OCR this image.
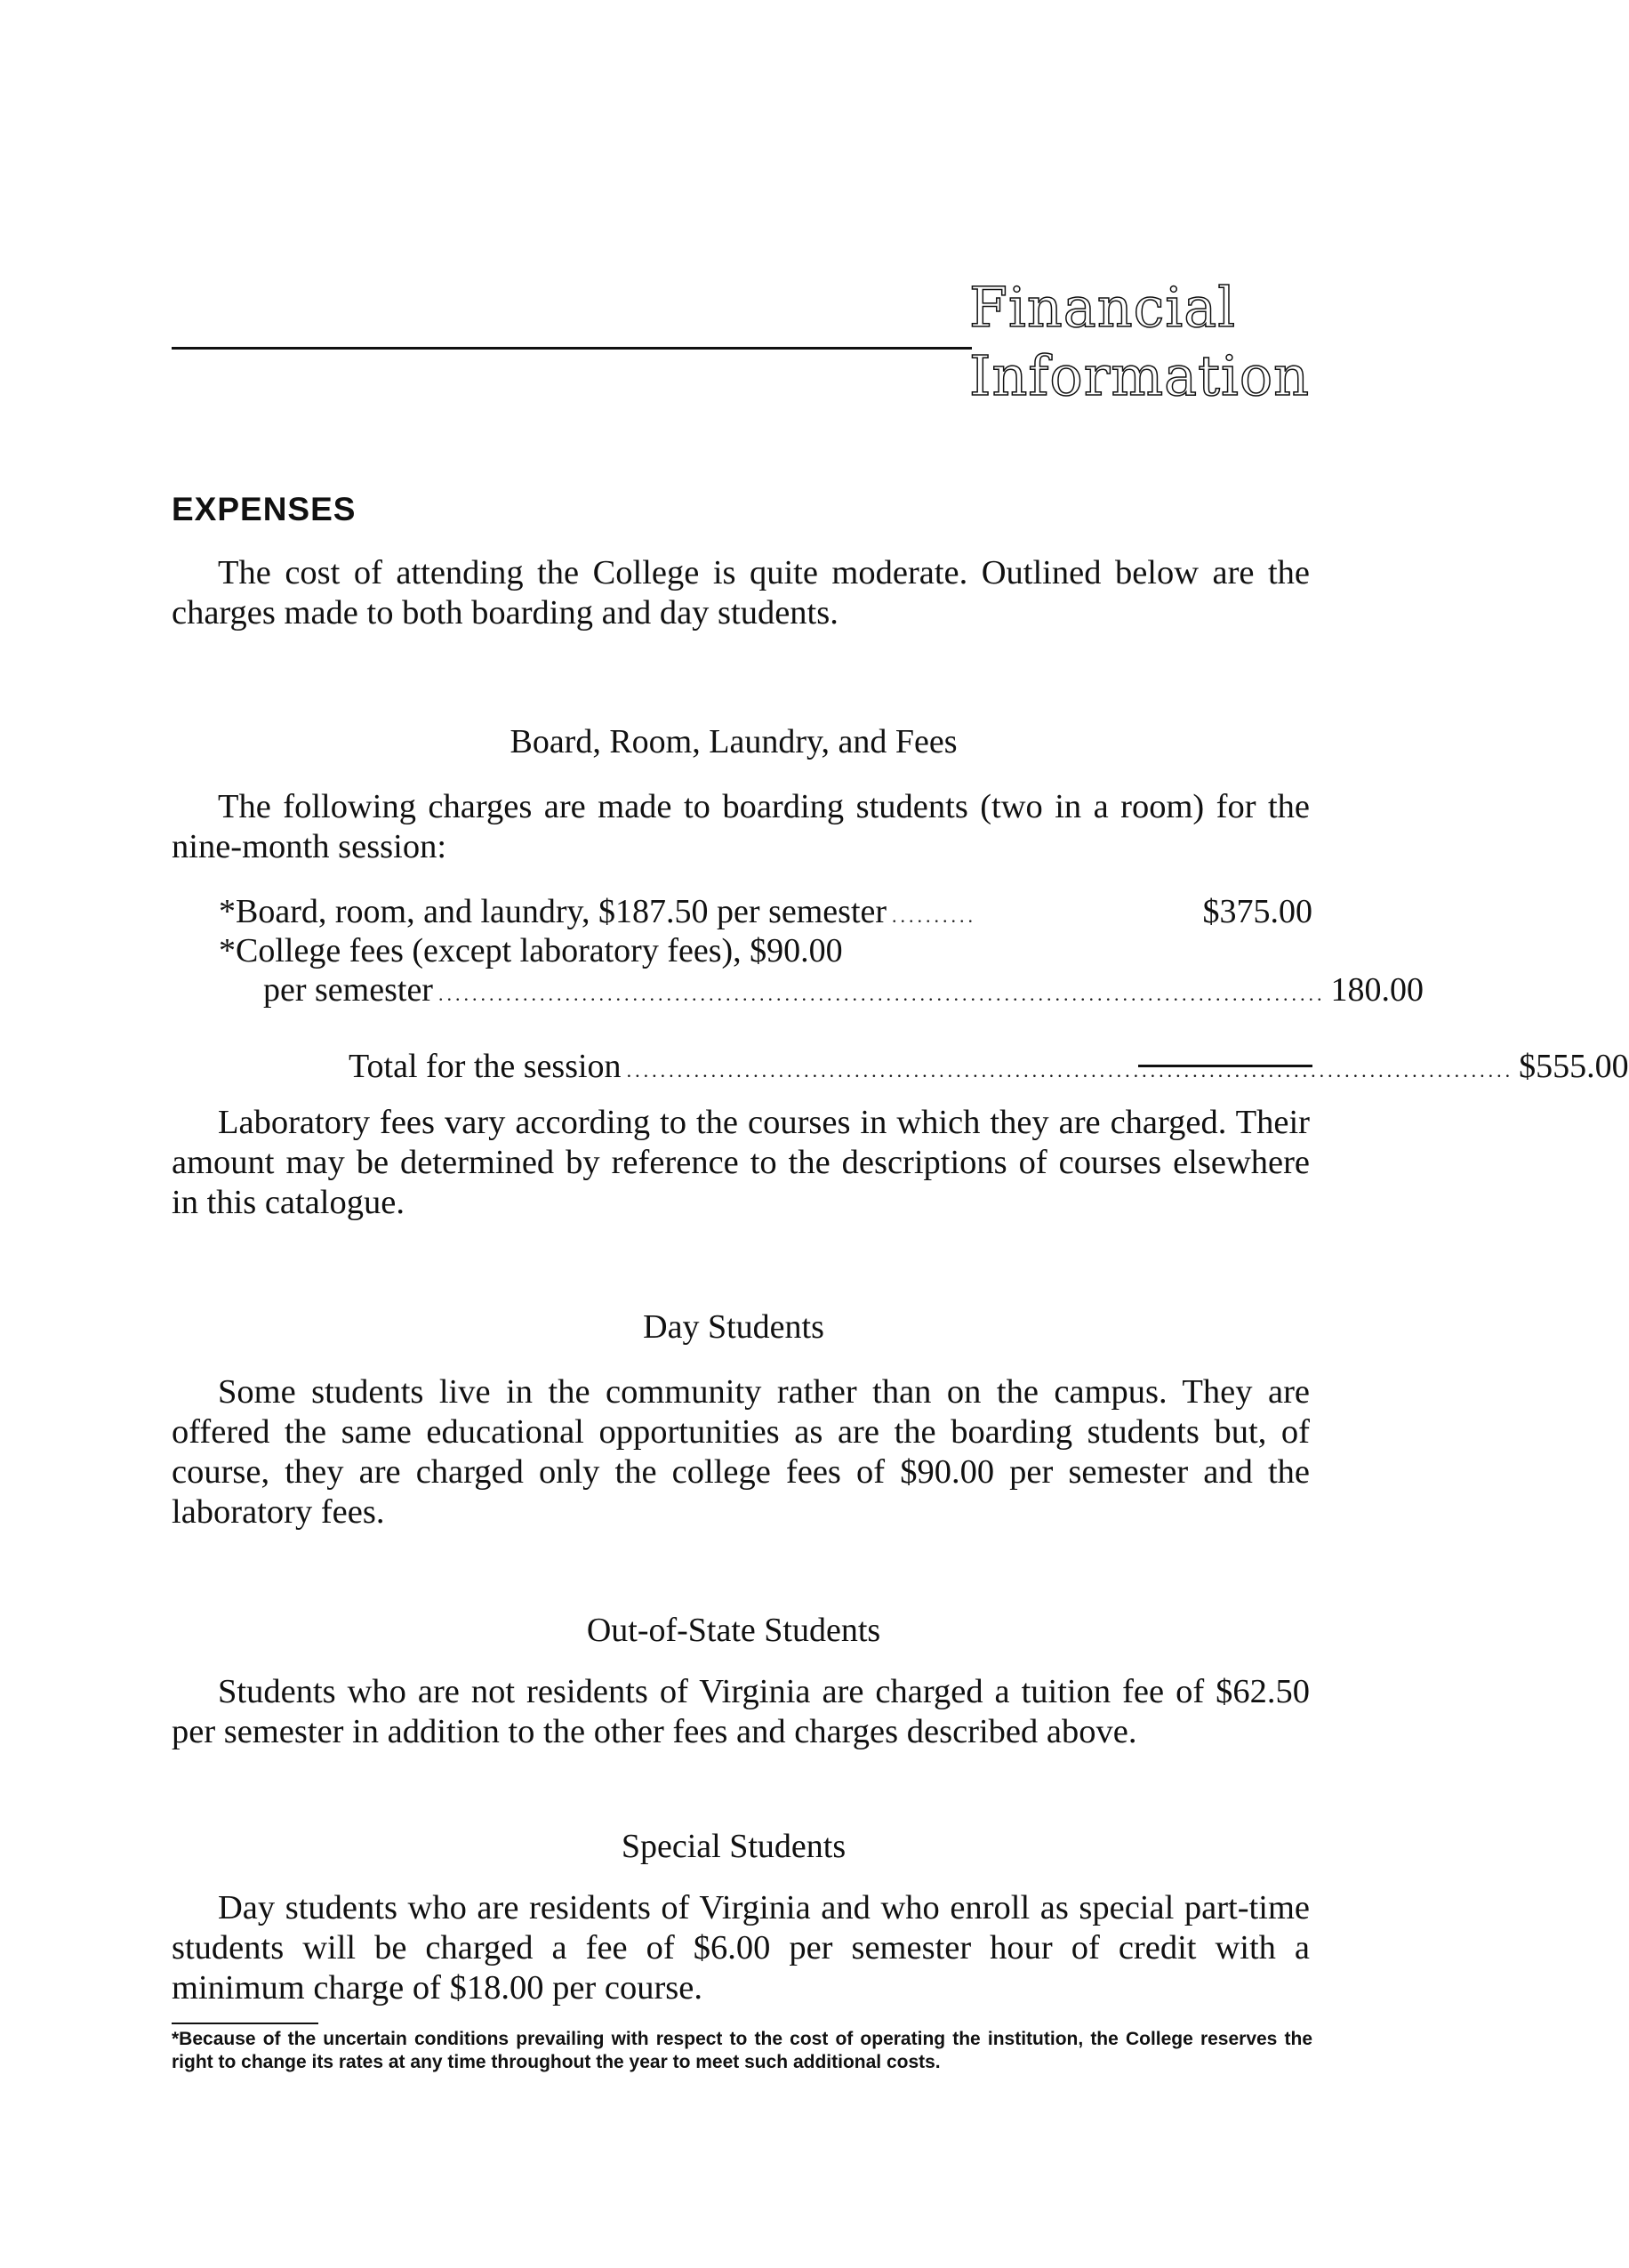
Financial
Information
EXPENSES
The cost of attending the College is quite moderate. Outlined below are the charges made to both boarding and day students.
Board, Room, Laundry, and Fees
The following charges are made to boarding students (two in a room) for the nine-month session:
*Board, room, and laundry, $187.50 per semester ..........	$375.00
*College fees (except laboratory fees), $90.00
per semester ......................................................................................................... 180.00
Total for the session ......................................................................................................... $555.00
Laboratory fees vary according to the courses in which they are charged. Their amount may be determined by reference to the descriptions of courses elsewhere in this catalogue.
Day Students
Some students live in the community rather than on the campus. They are offered the same educational opportunities as are the boarding students but, of course, they are charged only the college fees of $90.00 per semester and the laboratory fees.
Out-of-State Students
Students who are not residents of Virginia are charged a tuition fee of $62.50 per semester in addition to the other fees and charges described above.
Special Students
Day students who are residents of Virginia and who enroll as special part-time students will be charged a fee of $6.00 per semester hour of credit with a minimum charge of $18.00 per course.
*Because of the uncertain conditions prevailing with respect to the cost of operating the institution, the College reserves the right to change its rates at any time throughout the year to meet such additional costs.
